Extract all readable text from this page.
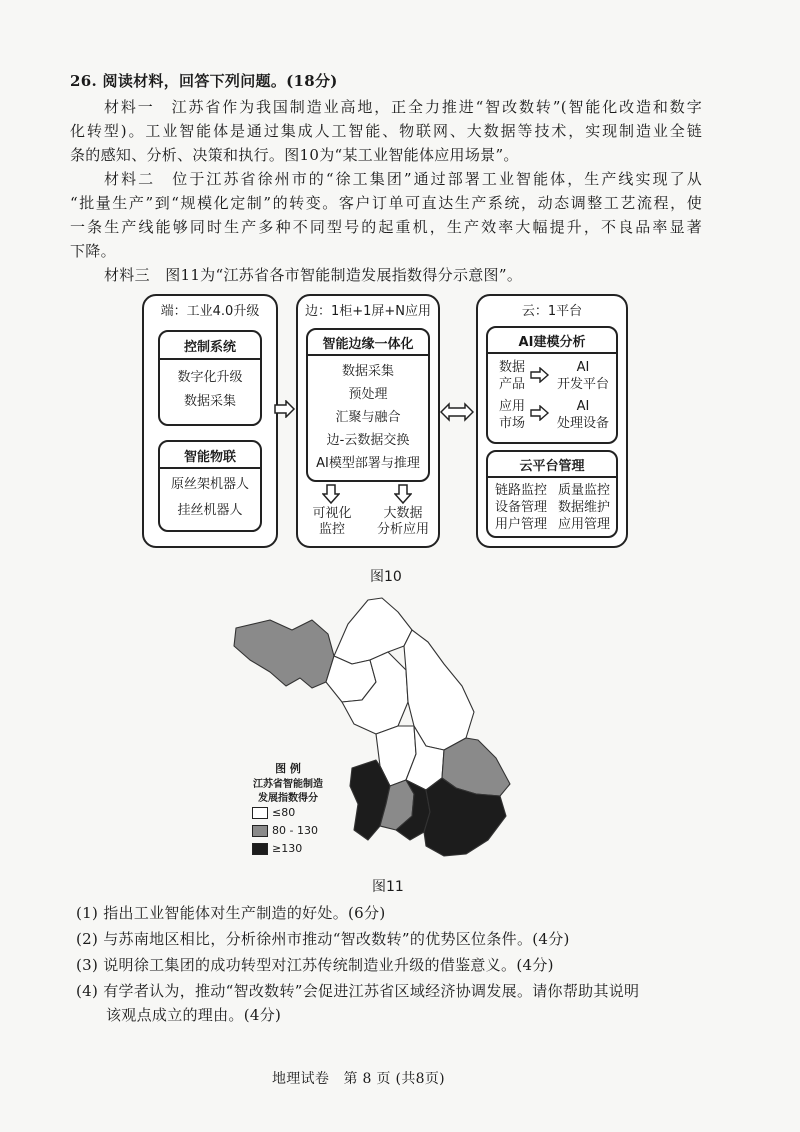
26. 阅读材料，回答下列问题。(18分)
材料一　江苏省作为我国制造业高地，正全力推进“智改数转”(智能化改造和数字
化转型)。工业智能体是通过集成人工智能、物联网、大数据等技术，实现制造业全链
条的感知、分析、决策和执行。图10为“某工业智能体应用场景”。
材料二　位于江苏省徐州市的“徐工集团”通过部署工业智能体，生产线实现了从
“批量生产”到“规模化定制”的转变。客户订单可直达生产系统，动态调整工艺流程，使
一条生产线能够同时生产多种不同型号的起重机，生产效率大幅提升，不良品率显著
下降。
材料三　图11为“江苏省各市智能制造发展指数得分示意图”。
端：工业4.0升级
控制系统
数字化升级
数据采集
智能物联
原丝架机器人
挂丝机器人
边：1柜+1屏+N应用
智能边缘一体化
数据采集
预处理
汇聚与融合
边-云数据交换
AI模型部署与推理
可视化
监控
大数据
分析应用
云：1平台
AI建模分析
数据
产品
应用
市场
AI
开发平台
AI
处理设备
云平台管理
链路监控 质量监控
设备管理 数据维护
用户管理 应用管理
图10
图 例
江苏省智能制造
发展指数得分
≤80
80 - 130
≥130
图11
(1) 指出工业智能体对生产制造的好处。(6分)
(2) 与苏南地区相比，分析徐州市推动“智改数转”的优势区位条件。(4分)
(3) 说明徐工集团的成功转型对江苏传统制造业升级的借鉴意义。(4分)
(4) 有学者认为，推动“智改数转”会促进江苏省区域经济协调发展。请你帮助其说明
该观点成立的理由。(4分)
地理试卷　第 8 页 (共8页)
